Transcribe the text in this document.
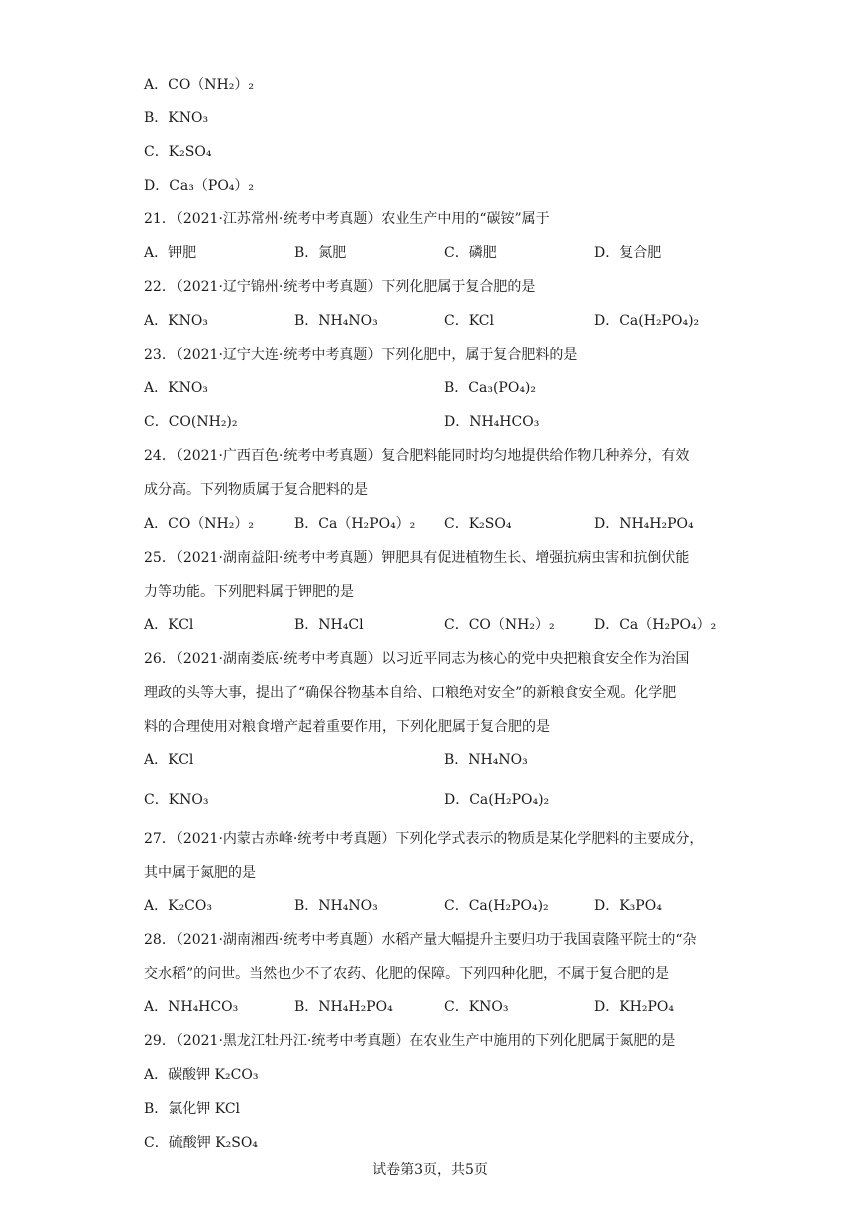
A．CO（NH₂）₂
B．KNO₃
C．K₂SO₄
D．Ca₃（PO₄）₂
21．（2021·江苏常州·统考中考真题）农业生产中用的“碳铵”属于
A．钾肥	B．氮肥	C．磷肥	D．复合肥
22．（2021·辽宁锦州·统考中考真题）下列化肥属于复合肥的是
A．KNO₃	B．NH₄NO₃	C．KCl	D．Ca(H₂PO₄)₂
23．（2021·辽宁大连·统考中考真题）下列化肥中，属于复合肥料的是
A．KNO₃	B．Ca₃(PO₄)₂
C．CO(NH₂)₂	D．NH₄HCO₃
24．（2021·广西百色·统考中考真题）复合肥料能同时均匀地提供给作物几种养分，有效
成分高。下列物质属于复合肥料的是
A．CO（NH₂）₂	B．Ca（H₂PO₄）₂ C．K₂SO₄	D．NH₄H₂PO₄
25．（2021·湖南益阳·统考中考真题）钾肥具有促进植物生长、增强抗病虫害和抗倒伏能
力等功能。下列肥料属于钾肥的是
A．KCl	B．NH₄Cl	C．CO（NH₂）₂	D．Ca（H₂PO₄）₂
26．（2021·湖南娄底·统考中考真题）以习近平同志为核心的党中央把粮食安全作为治国
理政的头等大事，提出了“确保谷物基本自给、口粮绝对安全”的新粮食安全观。化学肥
料的合理使用对粮食增产起着重要作用，下列化肥属于复合肥的是
A．KCl	B．NH₄NO₃
C．KNO₃	D．Ca(H₂PO₄)₂
27．（2021·内蒙古赤峰·统考中考真题）下列化学式表示的物质是某化学肥料的主要成分，
其中属于氮肥的是
A．K₂CO₃	B．NH₄NO₃	C．Ca(H₂PO₄)₂	D．K₃PO₄
28．（2021·湖南湘西·统考中考真题）水稻产量大幅提升主要归功于我国袁隆平院士的“杂
交水稻”的问世。当然也少不了农药、化肥的保障。下列四种化肥，不属于复合肥的是
A．NH₄HCO₃	B．NH₄H₂PO₄	C．KNO₃	D．KH₂PO₄
29．（2021·黑龙江牡丹江·统考中考真题）在农业生产中施用的下列化肥属于氮肥的是
A．碳酸钾 K₂CO₃
B．氯化钾 KCl
C．硫酸钾 K₂SO₄
试卷第3页，共5页
